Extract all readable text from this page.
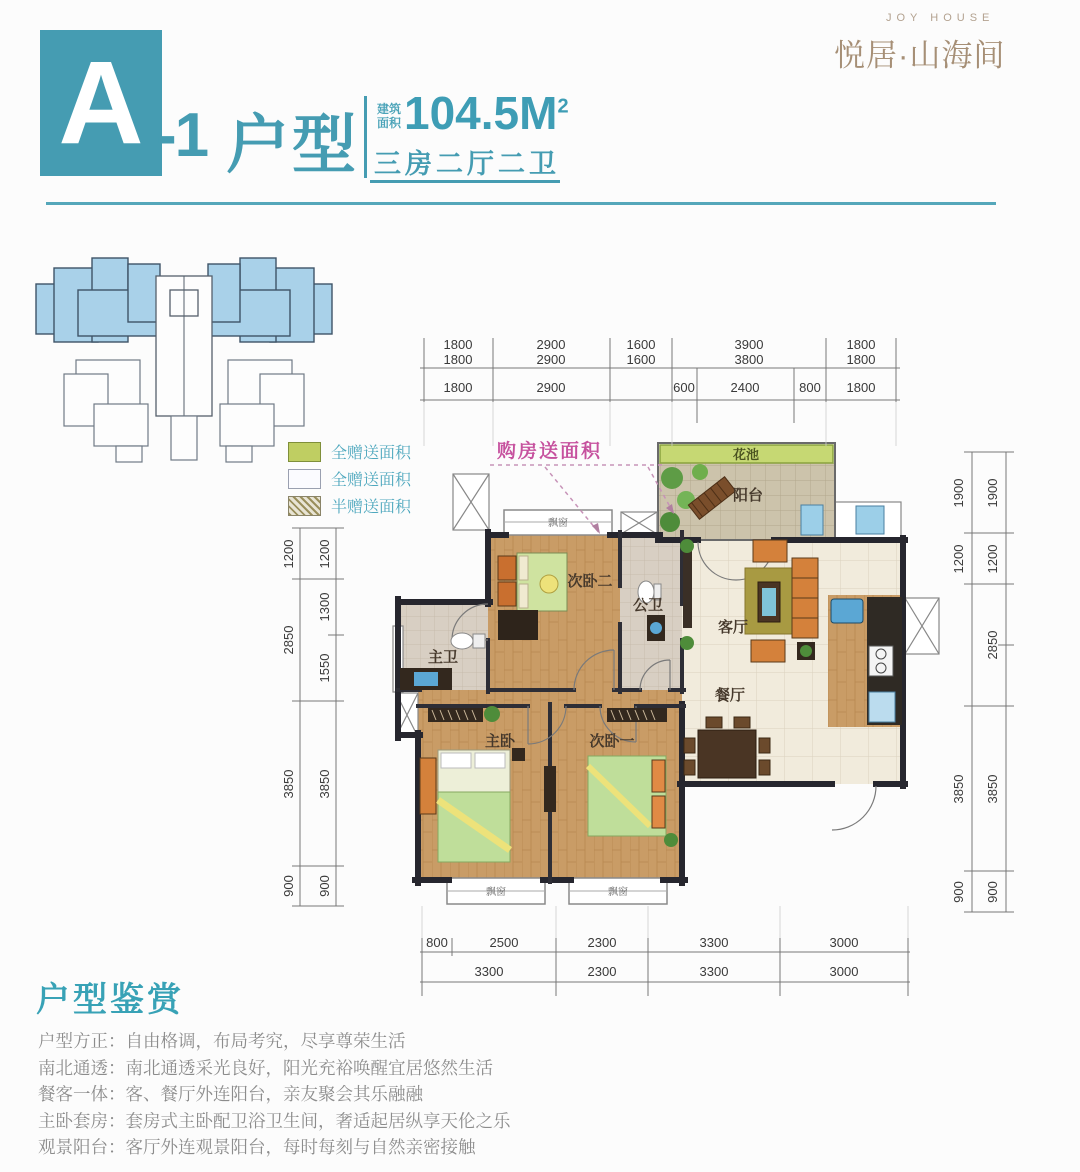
A -1 户型 建筑
面积 $104.5M^2$
三房二厅二卫
JOY HOUSE
悦居·山海间
全赠送面积
全赠送面积
半赠送面积
购房送面积	花池
阳台
次卧二
公卫
客厅
主卫
餐厅
主卧	次卧一
飘窗
飘窗	飘窗
1800	2900	1600	3900	1800
1800	2900	1600	3800	1800
1800	2900	600	2400	800 1800
800	2500	2300	3300	3000
3300	2300	3300	3000
1200
2850
3850
900
1200
1300
1550
3850
900
1900
1200
3850
900
1900
1200
2850
3850
900
户型鉴赏
户型方正：自由格调，布局考究，尽享尊荣生活
南北通透：南北通透采光良好，阳光充裕唤醒宜居悠然生活
餐客一体：客、餐厅外连阳台，亲友聚会其乐融融
主卧套房：套房式主卧配卫浴卫生间，奢适起居纵享天伦之乐
观景阳台：客厅外连观景阳台，每时每刻与自然亲密接触
